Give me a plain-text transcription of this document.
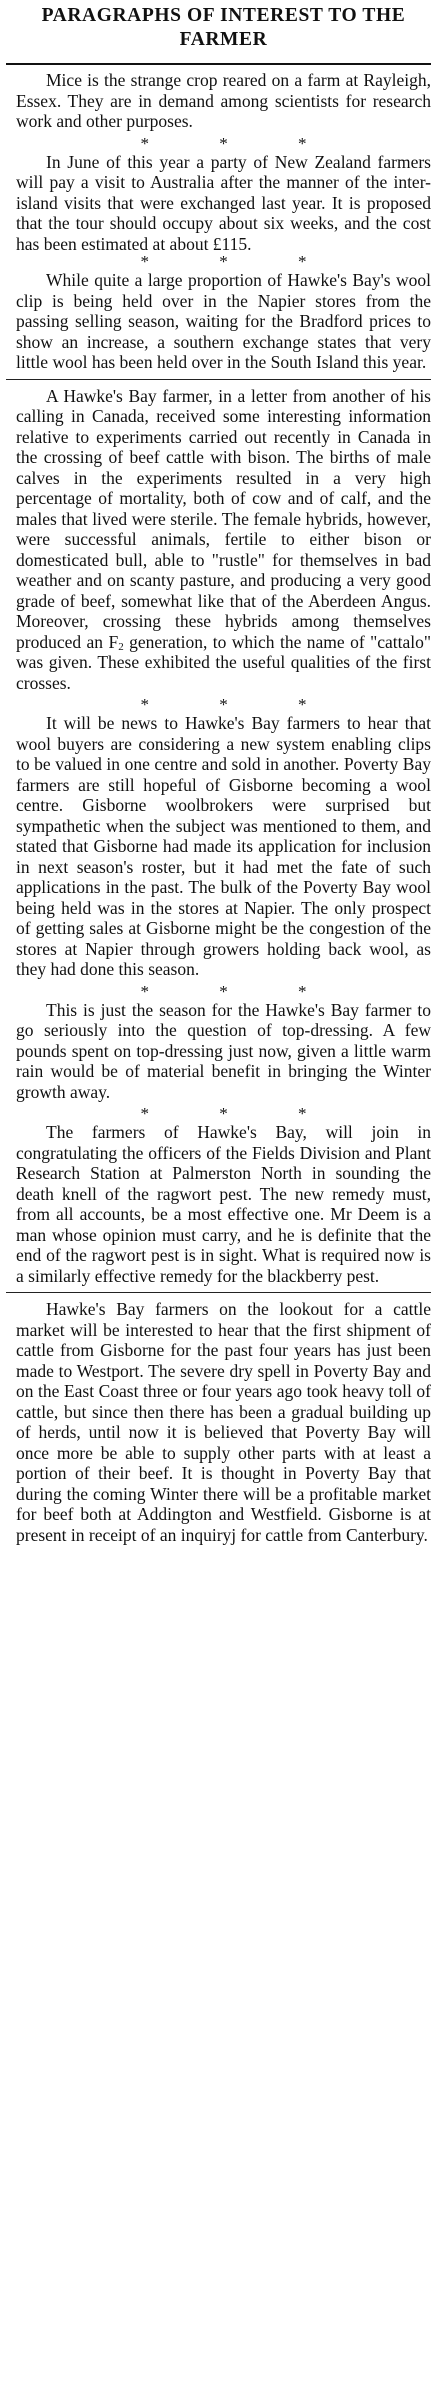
PARAGRAPHS OF INTEREST TO THE FARMER

Mice is the strange crop reared on a farm at Rayleigh, Essex. They are in demand among scientists for research work and other purposes.

* * *

In June of this year a party of New Zealand farmers will pay a visit to Australia after the manner of the inter-island visits that were exchanged last year. It is proposed that the tour should occupy about six weeks, and the cost has been estimated at about £115.

* * *

While quite a large proportion of Hawke's Bay's wool clip is being held over in the Napier stores from the passing selling season, waiting for the Bradford prices to show an increase, a southern exchange states that very little wool has been held over in the South Island this year.

A Hawke's Bay farmer, in a letter from another of his calling in Canada, received some interesting information relative to experiments carried out recently in Canada in the crossing of beef cattle with bison. The births of male calves in the experiments resulted in a very high percentage of mortality, both of cow and of calf, and the males that lived were sterile. The female hybrids, however, were successful animals, fertile to either bison or domesticated bull, able to "rustle" for themselves in bad weather and on scanty pasture, and producing a very good grade of beef, somewhat like that of the Aberdeen Angus. Moreover, crossing these hybrids among themselves produced an $F_2$ generation, to which the name of "cattalo" was given. These exhibited the useful qualities of the first crosses.

* * *

It will be news to Hawke's Bay farmers to hear that wool buyers are considering a new system enabling clips to be valued in one centre and sold in another. Poverty Bay farmers are still hopeful of Gisborne becoming a wool centre. Gisborne woolbrokers were surprised but sympathetic when the subject was mentioned to them, and stated that Gisborne had made its application for inclusion in next season's roster, but it had met the fate of such applications in the past. The bulk of the Poverty Bay wool being held was in the stores at Napier. The only prospect of getting sales at Gisborne might be the congestion of the stores at Napier through growers holding back wool, as they had done this season.

* * *

This is just the season for the Hawke's Bay farmer to go seriously into the question of top-dressing. A few pounds spent on top-dressing just now, given a little warm rain would be of material benefit in bringing the Winter growth away.

* * *

The farmers of Hawke's Bay, will join in congratulating the officers of the Fields Division and Plant Research Station at Palmerston North in sounding the death knell of the ragwort pest. The new remedy must, from all accounts, be a most effective one. Mr Deem is a man whose opinion must carry, and he is definite that the end of the ragwort pest is in sight. What is required now is a similarly effective remedy for the blackberry pest.

Hawke's Bay farmers on the lookout for a cattle market will be interested to hear that the first shipment of cattle from Gisborne for the past four years has just been made to Westport. The severe dry spell in Poverty Bay and on the East Coast three or four years ago took heavy toll of cattle, but since then there has been a gradual building up of herds, until now it is believed that Poverty Bay will once more be able to supply other parts with at least a portion of their beef. It is thought in Poverty Bay that during the coming Winter there will be a profitable market for beef both at Addington and Westfield. Gisborne is at present in receipt of an inquiryj for cattle from Canterbury.
